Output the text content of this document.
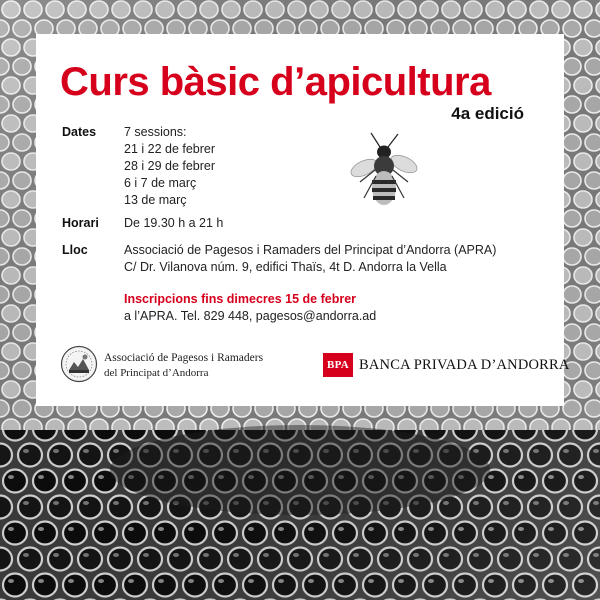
Curs bàsic d’apicultura
4a edició
Dates 7 sessions:
21 i 22 de febrer
28 i 29 de febrer
6 i 7 de març
13 de març
Horari De 19.30 h a 21 h
Lloc	Associació de Pagesos i Ramaders del Principat d’Andorra (APRA)
C/ Dr. Vilanova núm. 9, edifici Thaïs, 4t D. Andorra la Vella
Inscripcions fins dimecres 15 de febrer
a l’APRA. Tel. 829 448, pagesos@andorra.ad
Associació de Pagesos i Ramaders
del Principat d’Andorra
BPA BANCA PRIVADA D’ANDORRA
